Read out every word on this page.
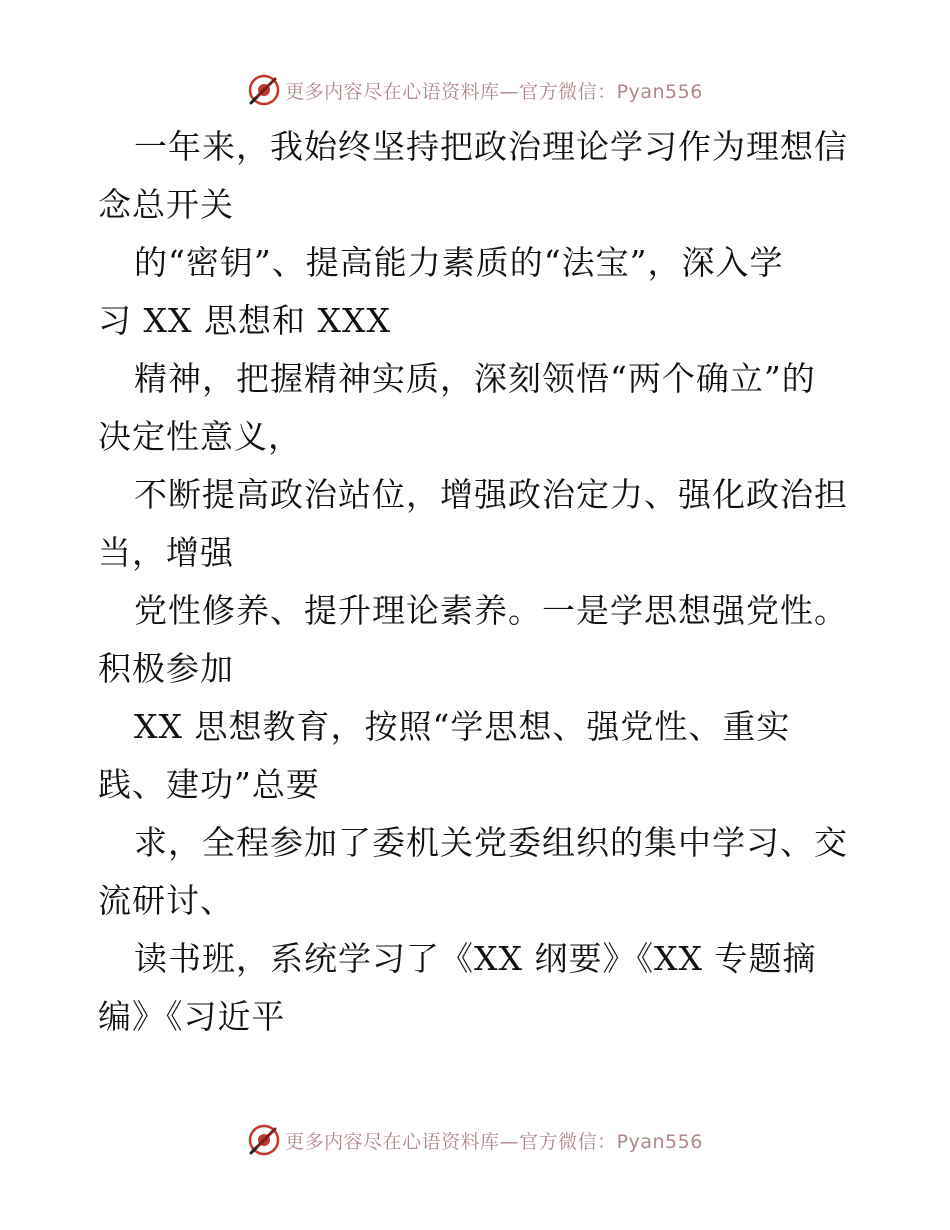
更多内容尽在心语资料库—官方微信：Pyan556

一年来，我始终坚持把政治理论学习作为理想信
念总开关

的“密钥”、提高能力素质的“法宝”，深入学
习 XX 思想和 XXX

精神，把握精神实质，深刻领悟“两个确立”的
决定性意义，

不断提高政治站位，增强政治定力、强化政治担
当，增强

党性修养、提升理论素养。一是学思想强党性。
积极参加

XX 思想教育，按照“学思想、强党性、重实
践、建功”总要

求，全程参加了委机关党委组织的集中学习、交
流研讨、

读书班，系统学习了《XX 纲要》《XX 专题摘
编》《习近平

更多内容尽在心语资料库—官方微信：Pyan556
